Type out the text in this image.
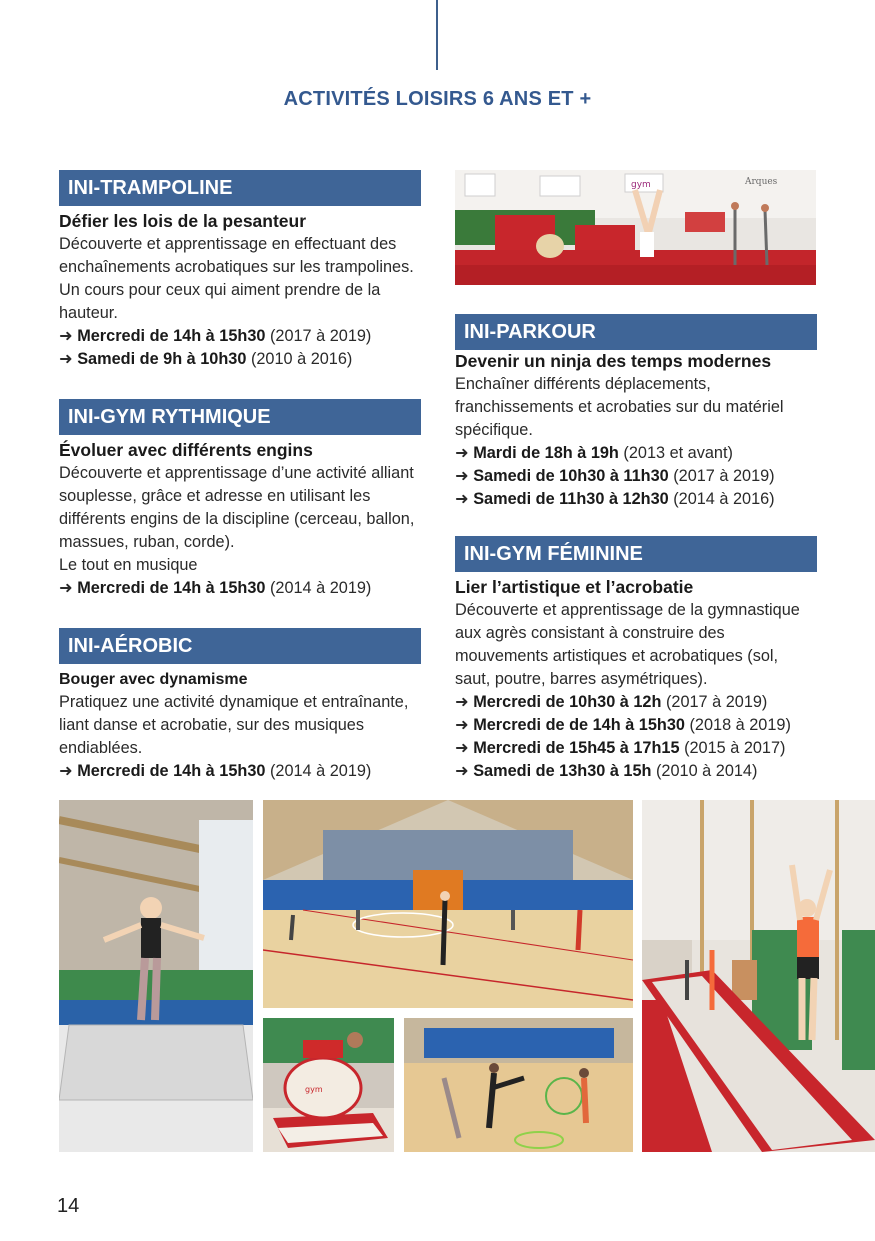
ACTIVITÉS LOISIRS 6 ANS ET +
INI-TRAMPOLINE
Défier les lois de la pesanteur
Découverte et apprentissage en effectuant des enchaînements acrobatiques sur les trampolines. Un cours pour ceux qui aiment prendre de la hauteur.
➜ Mercredi de 14h à 15h30 (2017 à 2019)
➜ Samedi de 9h à 10h30 (2010 à 2016)
INI-GYM RYTHMIQUE
Évoluer avec différents engins
Découverte et apprentissage d’une activité alliant souplesse, grâce et adresse en utilisant les différents engins de la discipline (cerceau, ballon, massues, ruban, corde).
Le tout en musique
➜ Mercredi de 14h à 15h30 (2014 à 2019)
INI-AÉROBIC
Bouger avec dynamisme
Pratiquez une activité dynamique et entraînante, liant danse et acrobatie, sur des musiques endiablées.
➜ Mercredi de 14h à 15h30 (2014 à 2019)
gym	Arques
INI-PARKOUR
Devenir un ninja des temps modernes
Enchaîner différents déplacements, franchissements et acrobaties sur du matériel spécifique.
➜ Mardi de 18h à 19h (2013 et avant)
➜ Samedi de 10h30 à 11h30 (2017 à 2019)
➜ Samedi de 11h30 à 12h30 (2014 à 2016)
INI-GYM FÉMININE
Lier l’artistique et l’acrobatie
Découverte et apprentissage de la gymnastique aux agrès consistant à construire des mouvements artistiques et acrobatiques (sol, saut, poutre, barres asymétriques).
➜ Mercredi de 10h30 à 12h (2017 à 2019)
➜ Mercredi de de 14h à 15h30 (2018 à 2019)
➜ Mercredi de 15h45 à 17h15 (2015 à 2017)
➜ Samedi de 13h30 à 15h (2010 à 2014)
gym
14
